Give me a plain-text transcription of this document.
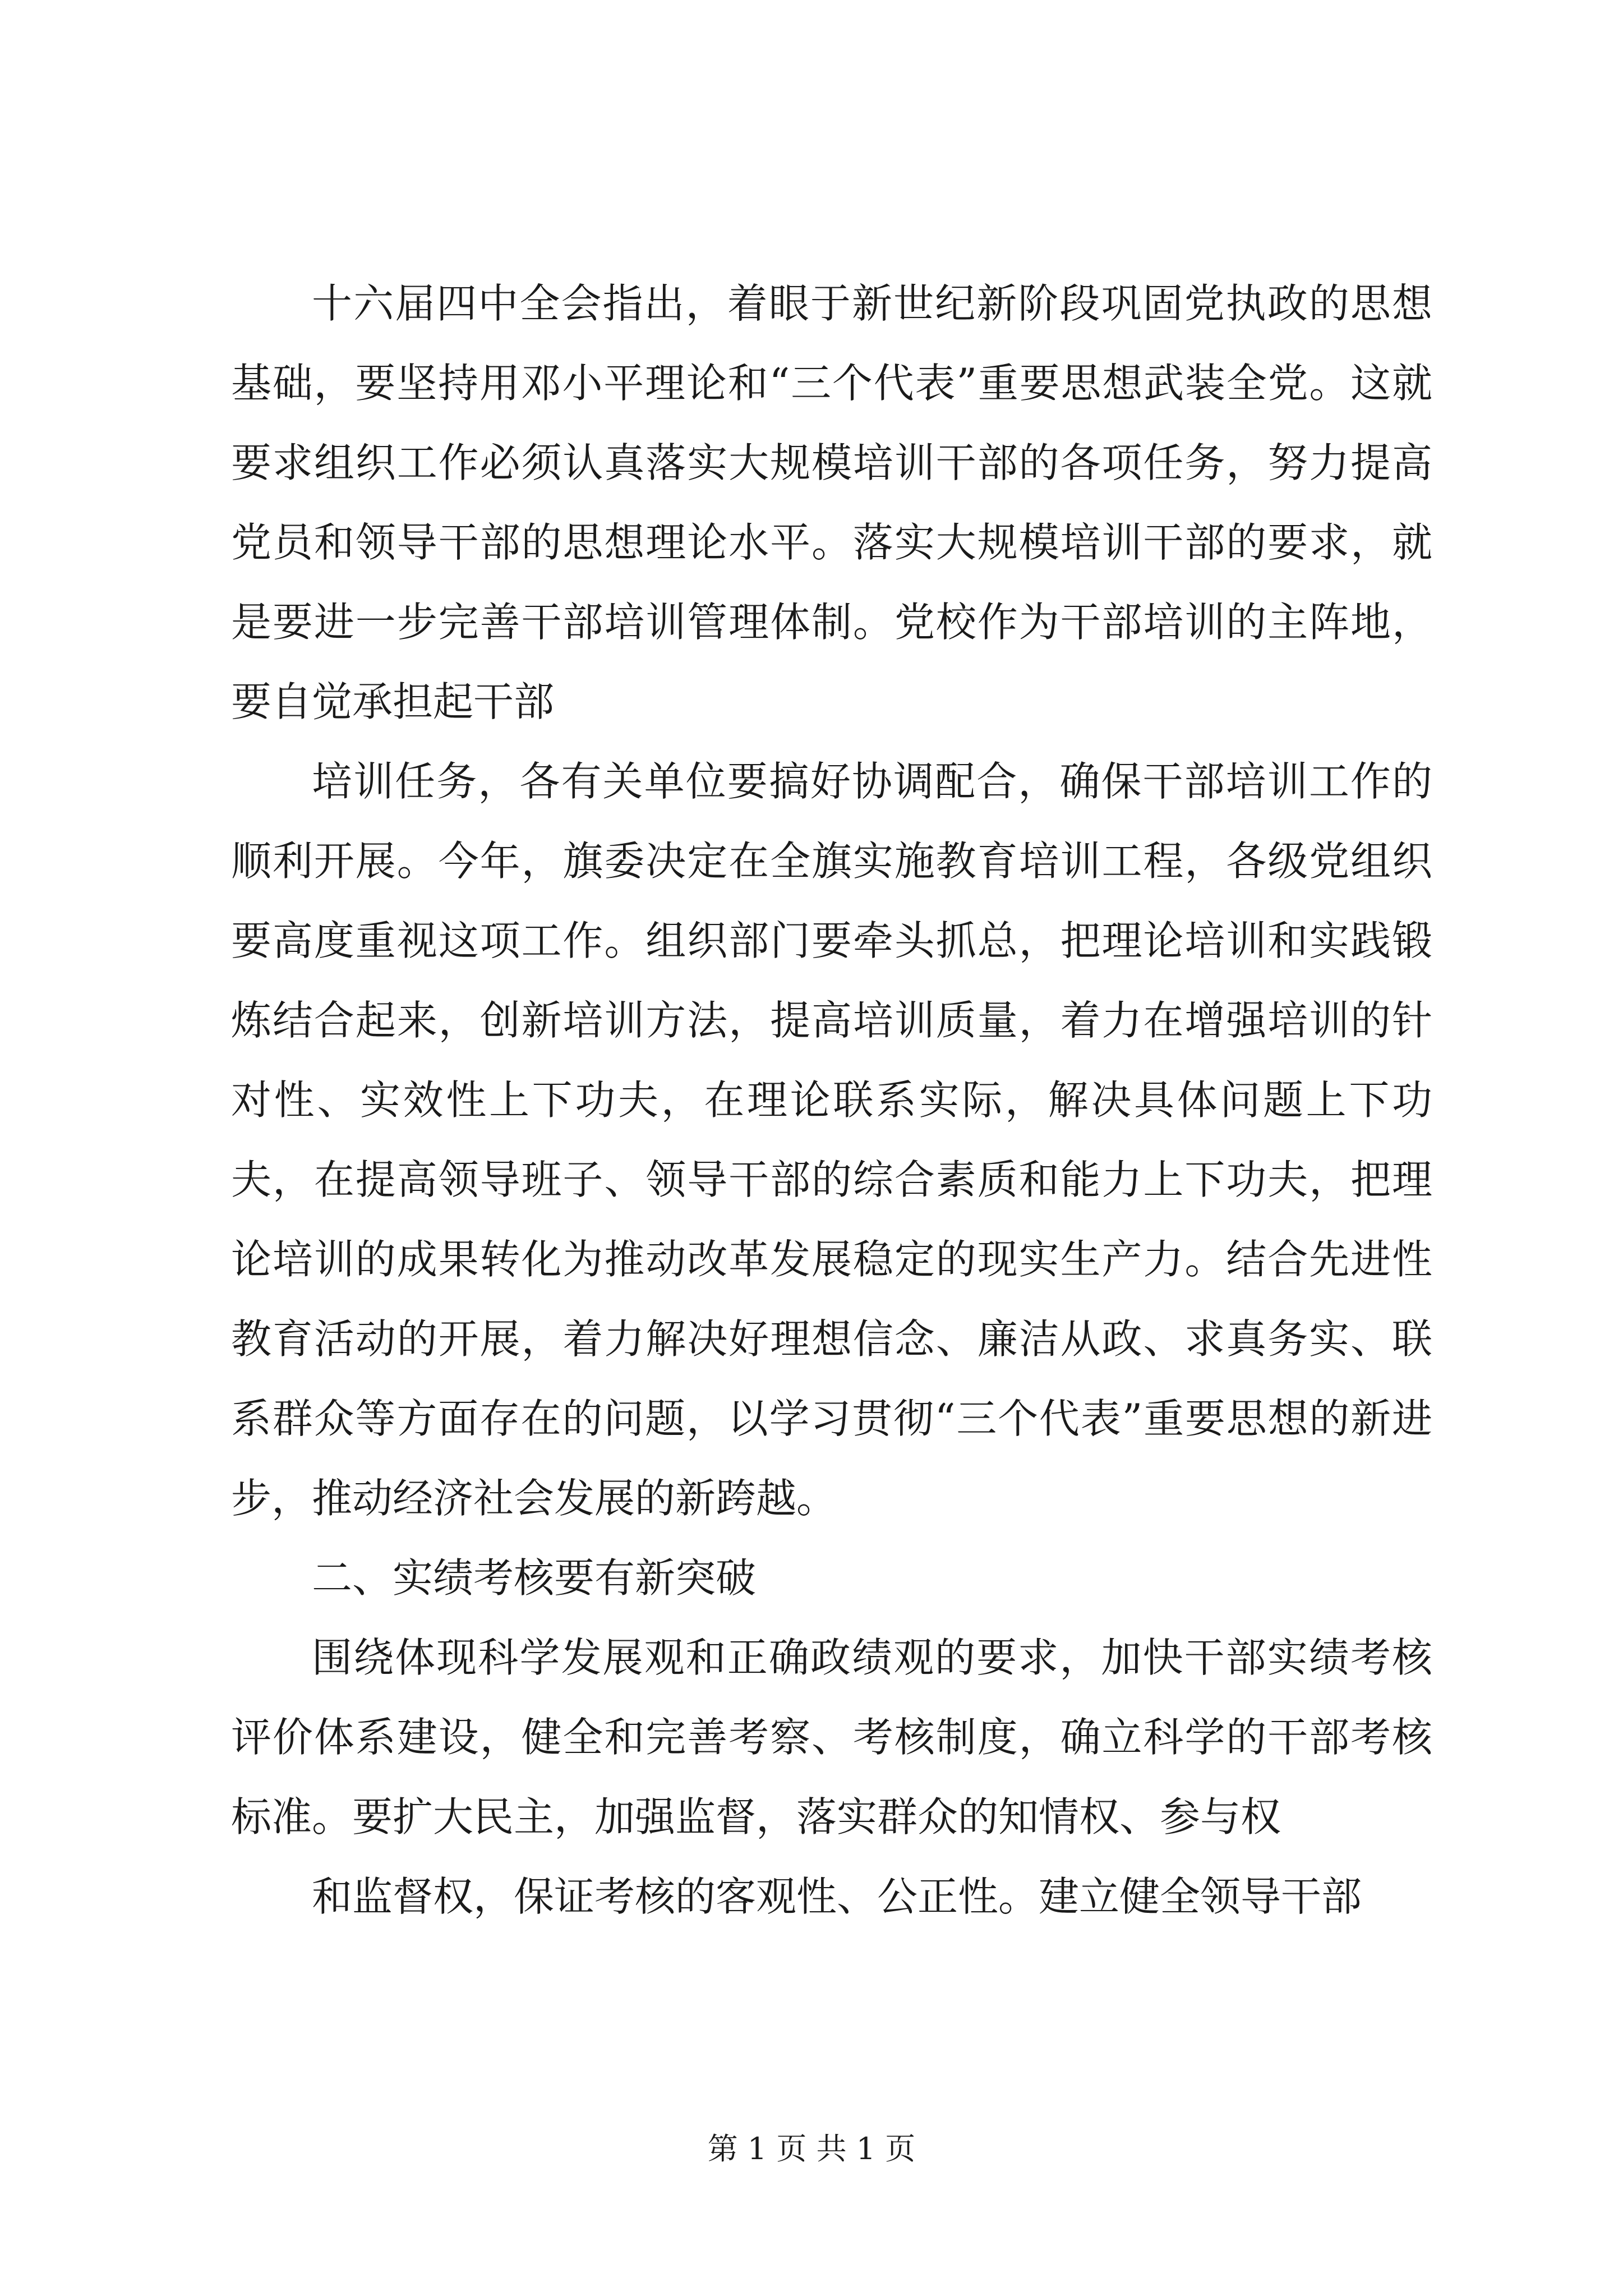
十六届四中全会指出，着眼于新世纪新阶段巩固党执政的思想基础，要坚持用邓小平理论和“三个代表”重要思想武装全党。这就要求组织工作必须认真落实大规模培训干部的各项任务，努力提高党员和领导干部的思想理论水平。落实大规模培训干部的要求，就是要进一步完善干部培训管理体制。党校作为干部培训的主阵地，要自觉承担起干部

培训任务，各有关单位要搞好协调配合，确保干部培训工作的顺利开展。今年，旗委决定在全旗实施教育培训工程，各级党组织要高度重视这项工作。组织部门要牵头抓总，把理论培训和实践锻炼结合起来，创新培训方法，提高培训质量，着力在增强培训的针对性、实效性上下功夫，在理论联系实际，解决具体问题上下功夫，在提高领导班子、领导干部的综合素质和能力上下功夫，把理论培训的成果转化为推动改革发展稳定的现实生产力。结合先进性教育活动的开展，着力解决好理想信念、廉洁从政、求真务实、联系群众等方面存在的问题，以学习贯彻“三个代表”重要思想的新进步，推动经济社会发展的新跨越。

二、实绩考核要有新突破

围绕体现科学发展观和正确政绩观的要求，加快干部实绩考核评价体系建设，健全和完善考察、考核制度，确立科学的干部考核标准。要扩大民主，加强监督，落实群众的知情权、参与权

和监督权，保证考核的客观性、公正性。建立健全领导干部

第 1 页 共 1 页
